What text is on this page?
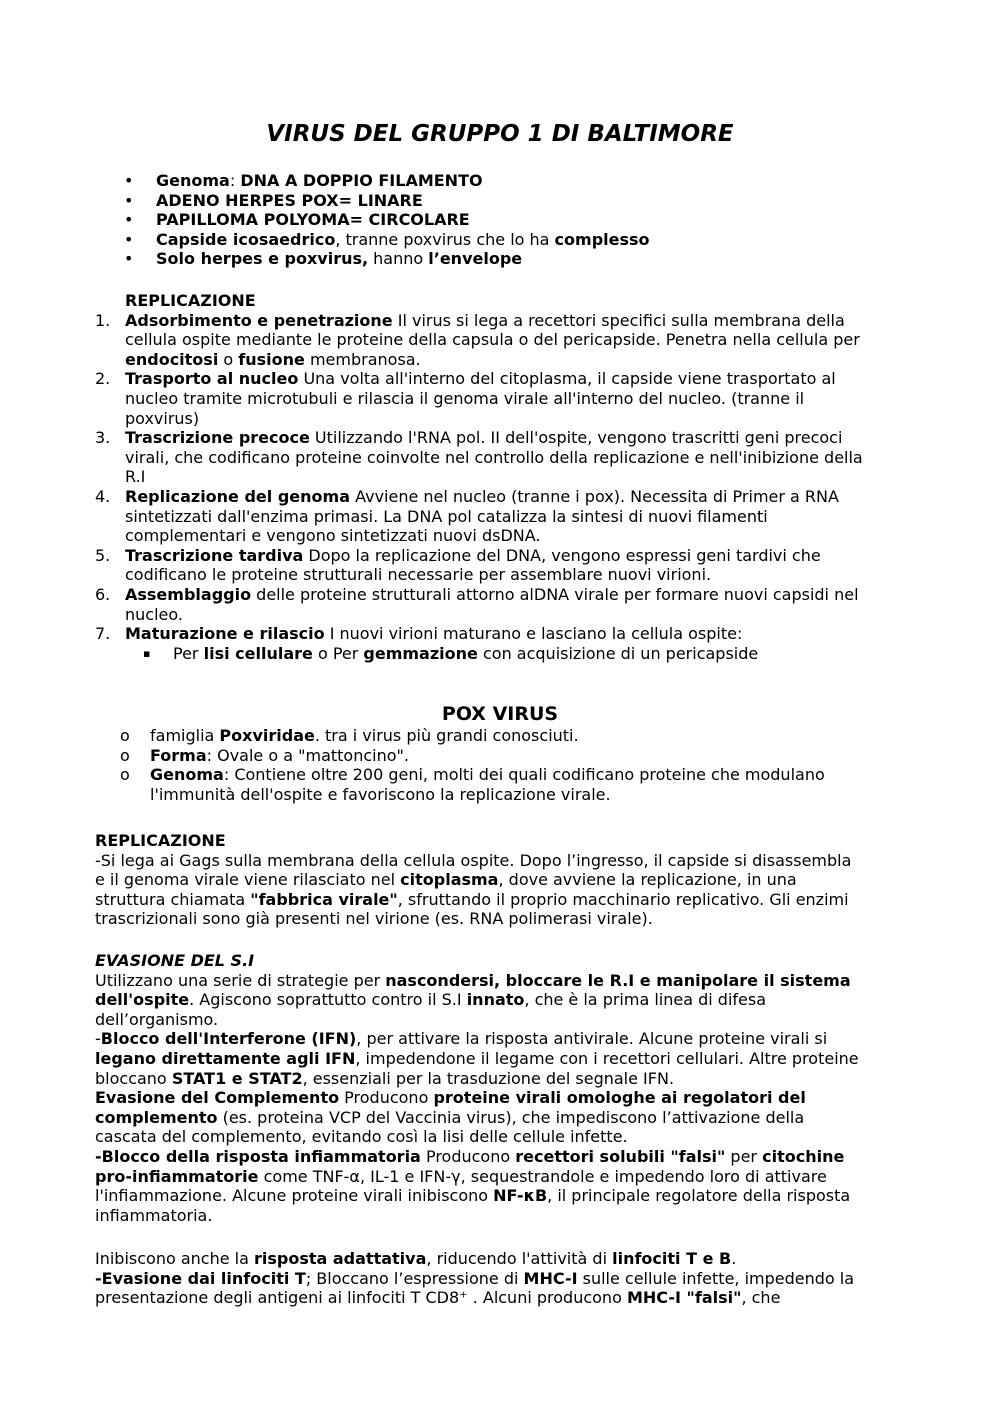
VIRUS DEL GRUPPO 1 DI BALTIMORE
• Genoma: DNA A DOPPIO FILAMENTO
• ADENO HERPES POX= LINARE
• PAPILLOMA POLYOMA= CIRCOLARE
• Capside icosaedrico, tranne poxvirus che lo ha complesso
• Solo herpes e poxvirus, hanno l’envelope

REPLICAZIONE

1. Adsorbimento e penetrazione Il virus si lega a recettori specifici sulla membrana della
cellula ospite mediante le proteine della capsula o del pericapside. Penetra nella cellula per
endocitosi o fusione membranosa.
2. Trasporto al nucleo Una volta all'interno del citoplasma, il capside viene trasportato al
nucleo tramite microtubuli e rilascia il genoma virale all'interno del nucleo. (tranne il
poxvirus)
3. Trascrizione precoce Utilizzando l'RNA pol. II dell'ospite, vengono trascritti geni precoci
virali, che codificano proteine coinvolte nel controllo della replicazione e nell'inibizione della
R.I
4. Replicazione del genoma Avviene nel nucleo (tranne i pox). Necessita di Primer a RNA
sintetizzati dall'enzima primasi. La DNA pol catalizza la sintesi di nuovi filamenti
complementari e vengono sintetizzati nuovi dsDNA.
5. Trascrizione tardiva Dopo la replicazione del DNA, vengono espressi geni tardivi che
codificano le proteine strutturali necessarie per assemblare nuovi virioni.
6. Assemblaggio delle proteine strutturali attorno alDNA virale per formare nuovi capsidi nel
nucleo.
7. Maturazione e rilascio I nuovi virioni maturano e lasciano la cellula ospite:
▪ Per lisi cellulare o Per gemmazione con acquisizione di un pericapside
POX VIRUS
o famiglia Poxviridae. tra i virus più grandi conosciuti.
o Forma: Ovale o a "mattoncino".
o Genoma: Contiene oltre 200 geni, molti dei quali codificano proteine che modulano
l'immunità dell'ospite e favoriscono la replicazione virale.

REPLICAZIONE

-Si lega ai Gags sulla membrana della cellula ospite. Dopo l’ingresso, il capside si disassembla
e il genoma virale viene rilasciato nel citoplasma, dove avviene la replicazione, in una
struttura chiamata "fabbrica virale", sfruttando il proprio macchinario replicativo. Gli enzimi
trascrizionali sono già presenti nel virione (es. RNA polimerasi virale).

EVASIONE DEL S.I

Utilizzano una serie di strategie per nascondersi, bloccare le R.I e manipolare il sistema
dell'ospite. Agiscono soprattutto contro il S.I innato, che è la prima linea di difesa
dell’organismo.
-Blocco dell'Interferone (IFN), per attivare la risposta antivirale. Alcune proteine virali si
legano direttamente agli IFN, impedendone il legame con i recettori cellulari. Altre proteine
bloccano STAT1 e STAT2, essenziali per la trasduzione del segnale IFN.
Evasione del Complemento Producono proteine virali omologhe ai regolatori del
complemento (es. proteina VCP del Vaccinia virus), che impediscono l’attivazione della
cascata del complemento, evitando così la lisi delle cellule infette.
-Blocco della risposta infiammatoria Producono recettori solubili "falsi" per citochine
pro-infiammatorie come TNF-α, IL-1 e IFN-γ, sequestrandole e impedendo loro di attivare
l'infiammazione. Alcune proteine virali inibiscono NF-κB, il principale regolatore della risposta
infiammatoria.
Inibiscono anche la risposta adattativa, riducendo l'attività di linfociti T e B.
-Evasione dai linfociti T; Bloccano l’espressione di MHC-I sulle cellule infette, impedendo la
presentazione degli antigeni ai linfociti T CD8⁺ . Alcuni producono MHC-I "falsi", che
